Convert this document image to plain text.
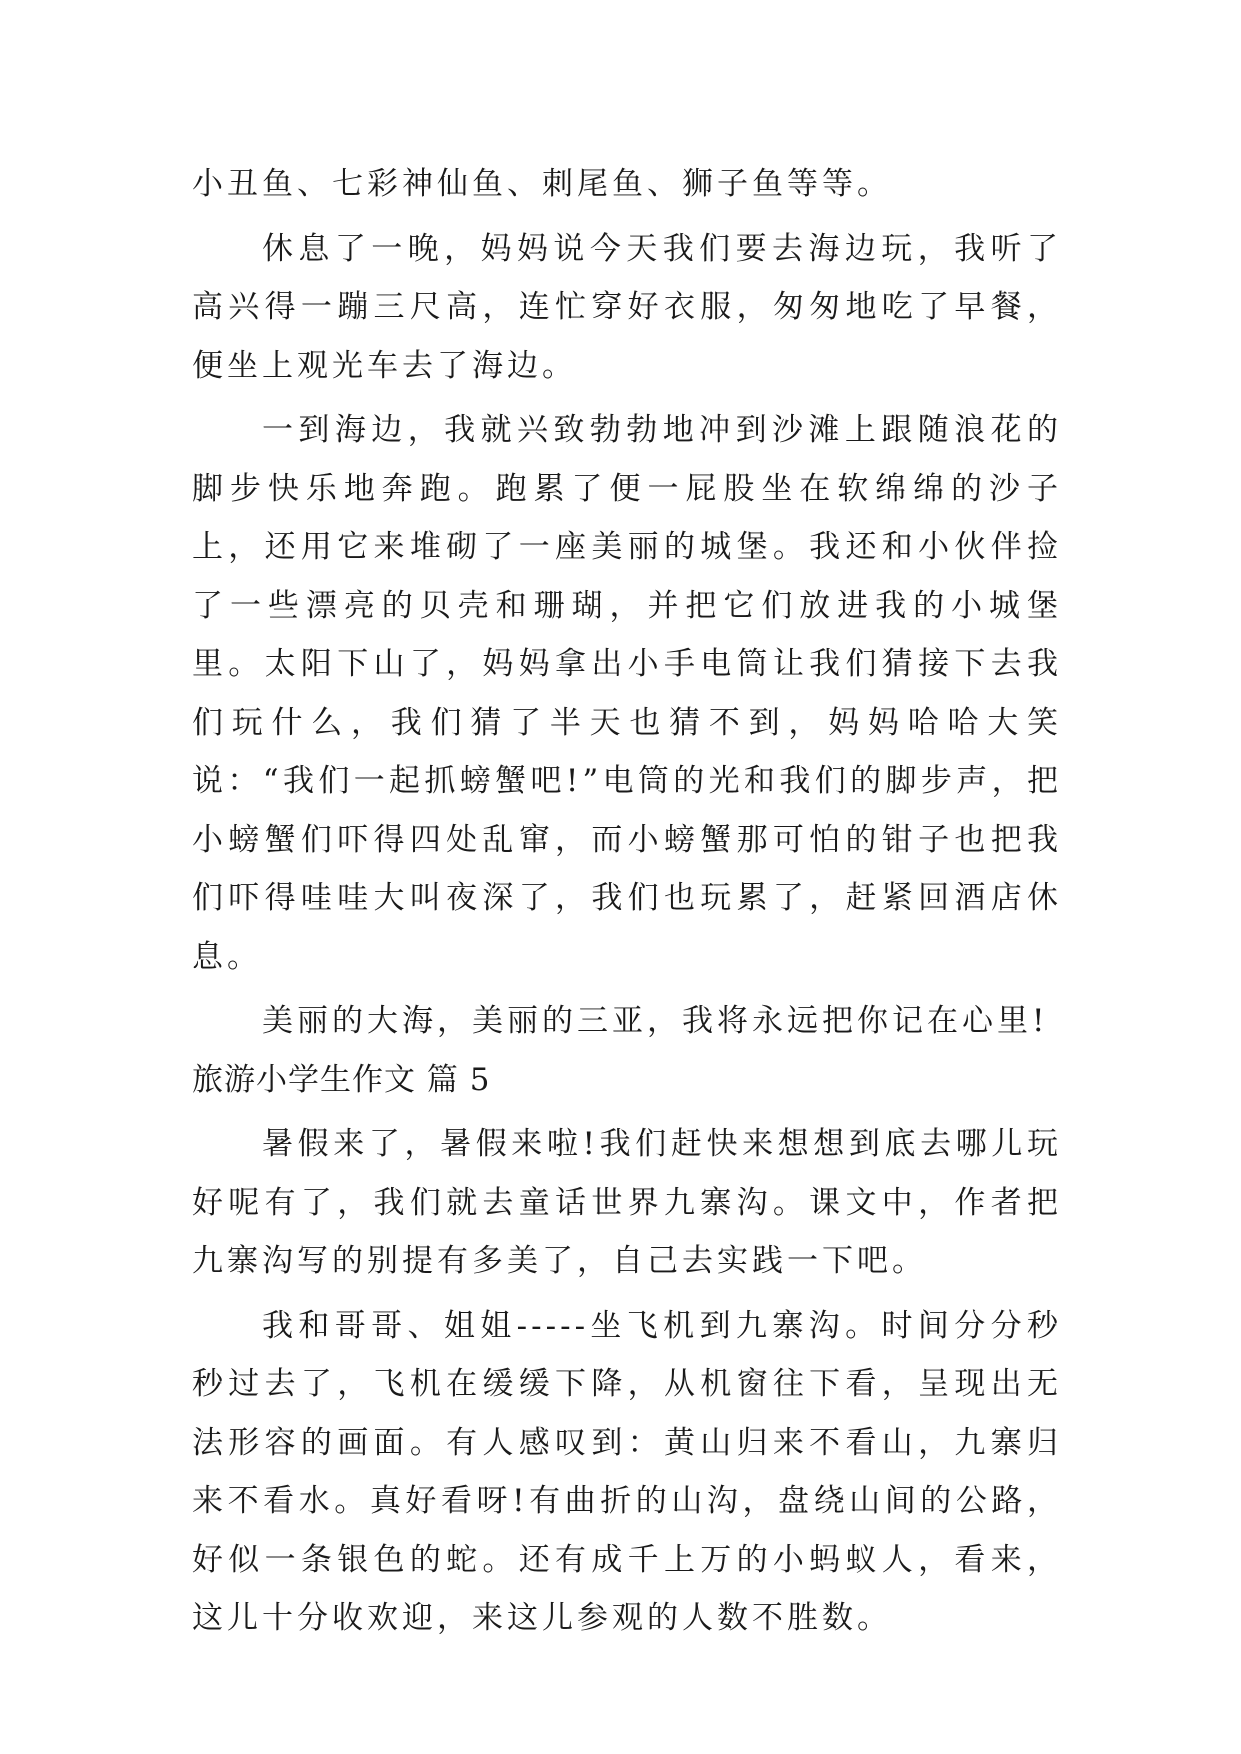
小丑鱼、七彩神仙鱼、刺尾鱼、狮子鱼等等。

休息了一晚，妈妈说今天我们要去海边玩，我听了高兴得一蹦三尺高，连忙穿好衣服，匆匆地吃了早餐，便坐上观光车去了海边。

一到海边，我就兴致勃勃地冲到沙滩上跟随浪花的脚步快乐地奔跑。跑累了便一屁股坐在软绵绵的沙子上，还用它来堆砌了一座美丽的城堡。我还和小伙伴捡了一些漂亮的贝壳和珊瑚，并把它们放进我的小城堡里。太阳下山了，妈妈拿出小手电筒让我们猜接下去我们玩什么，我们猜了半天也猜不到，妈妈哈哈大笑说：“我们一起抓螃蟹吧!”电筒的光和我们的脚步声，把小螃蟹们吓得四处乱窜，而小螃蟹那可怕的钳子也把我们吓得哇哇大叫夜深了，我们也玩累了，赶紧回酒店休息。

美丽的大海，美丽的三亚，我将永远把你记在心里!

旅游小学生作文 篇 5

暑假来了，暑假来啦!我们赶快来想想到底去哪儿玩好呢有了，我们就去童话世界九寨沟。课文中，作者把九寨沟写的别提有多美了，自己去实践一下吧。

我和哥哥、姐姐-----坐飞机到九寨沟。时间分分秒秒过去了，飞机在缓缓下降，从机窗往下看，呈现出无法形容的画面。有人感叹到：黄山归来不看山，九寨归来不看水。真好看呀!有曲折的山沟，盘绕山间的公路，好似一条银色的蛇。还有成千上万的小蚂蚁人，看来，这儿十分收欢迎，来这儿参观的人数不胜数。
